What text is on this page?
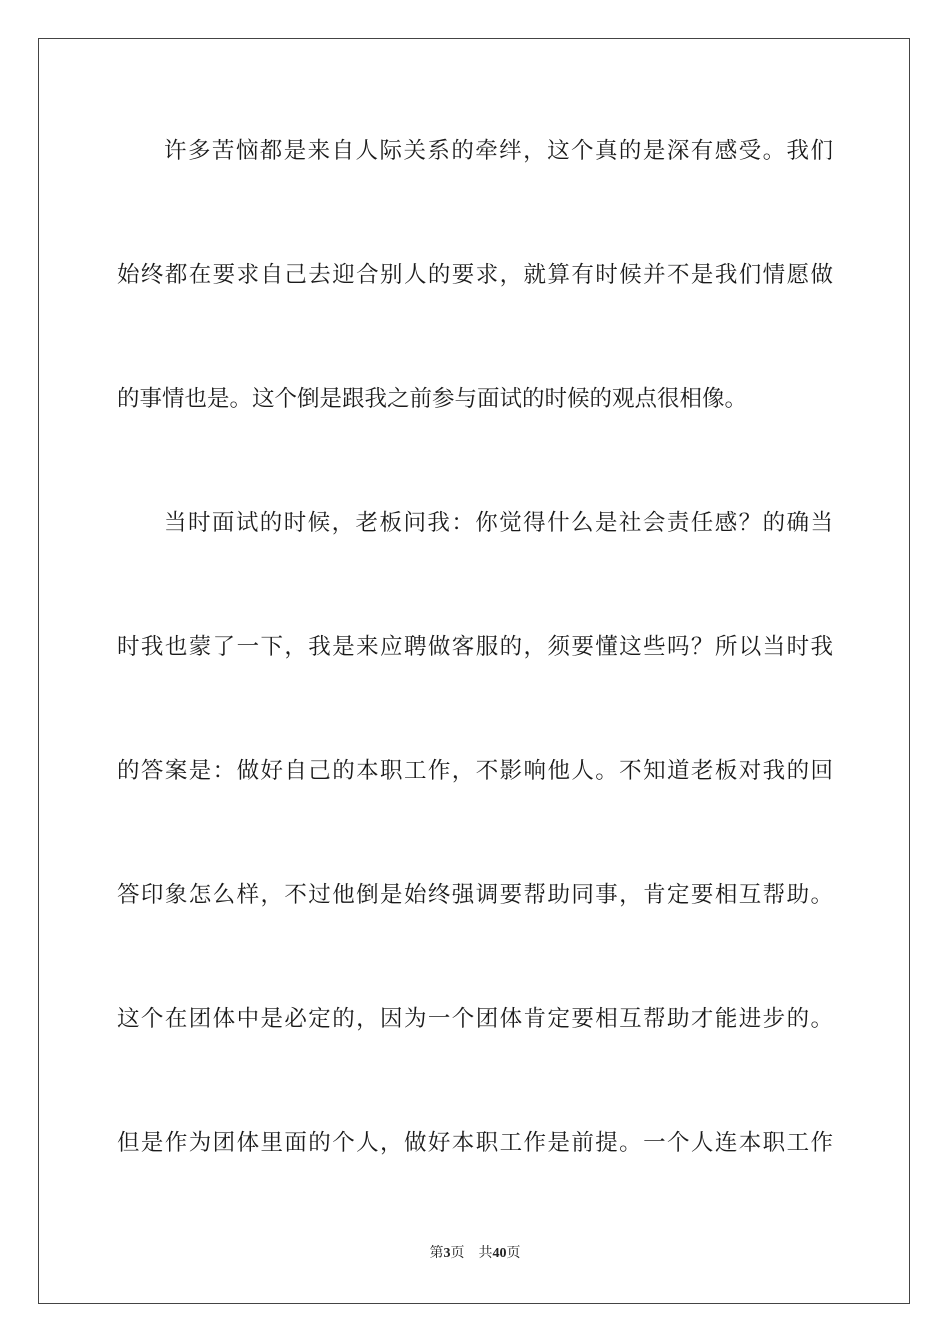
许多苦恼都是来自人际关系的牵绊，这个真的是深有感受。我们
始终都在要求自己去迎合别人的要求，就算有时候并不是我们情愿做
的事情也是。这个倒是跟我之前参与面试的时候的观点很相像。
当时面试的时候，老板问我：你觉得什么是社会责任感？的确当
时我也蒙了一下，我是来应聘做客服的，须要懂这些吗？所以当时我
的答案是：做好自己的本职工作，不影响他人。不知道老板对我的回
答印象怎么样，不过他倒是始终强调要帮助同事，肯定要相互帮助。
这个在团体中是必定的，因为一个团体肯定要相互帮助才能进步的。
但是作为团体里面的个人，做好本职工作是前提。一个人连本职工作
第3页 共40页
